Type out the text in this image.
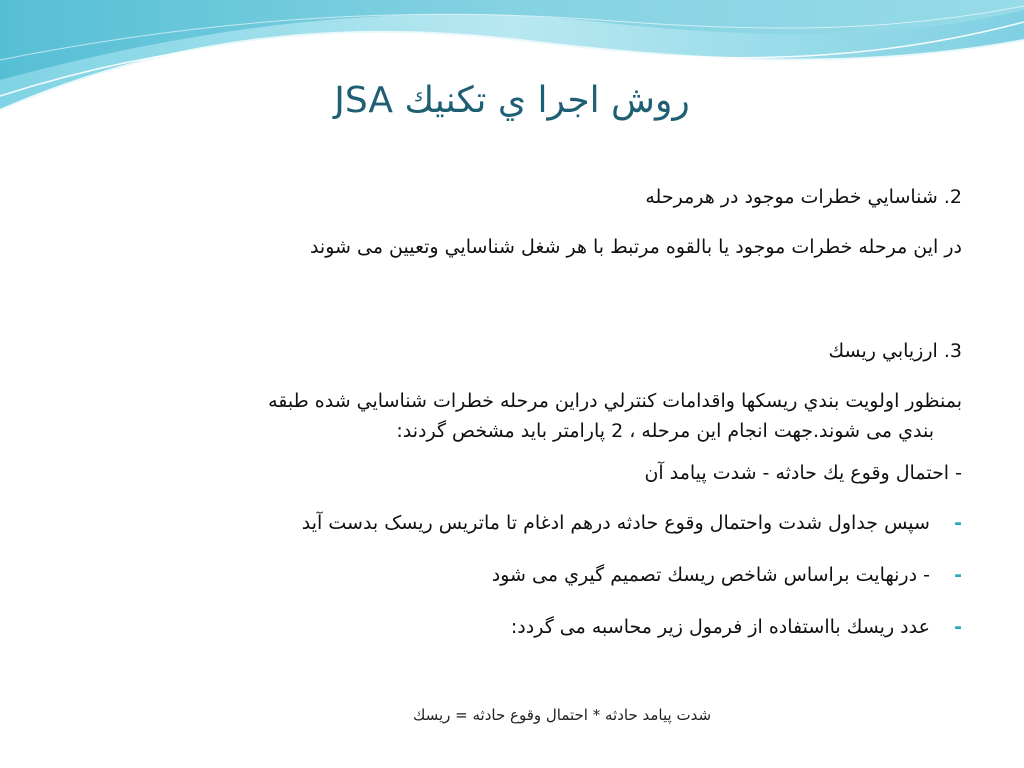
روش اجرا ي تكنيك JSA
2. شناسايي خطرات موجود در هرمرحله
در اين مرحله خطرات موجود يا بالقوه مرتبط با هر شغل شناسايي وتعيين مى شوند
3. ارزيابي ريسك
بمنظور اولويت بندي ريسكها واقدامات كنترلي دراين مرحله خطرات شناسايي شده طبقه
بندي مى شوند.جهت انجام اين مرحله ، 2 پارامتر بايد مشخص گردند:
- احتمال وقوع يك حادثه - شدت پيامد آن
- سپس جداول شدت واحتمال وقوع حادثه درهم ادغام تا ماتريس ريسک بدست آيد
- - درنهايت براساس شاخص ريسك تصميم گيري مى شود
- عدد ريسك بااستفاده از فرمول زير محاسبه مى گردد:
شدت پيامد حادثه * احتمال وقوع حادثه = ريسك
